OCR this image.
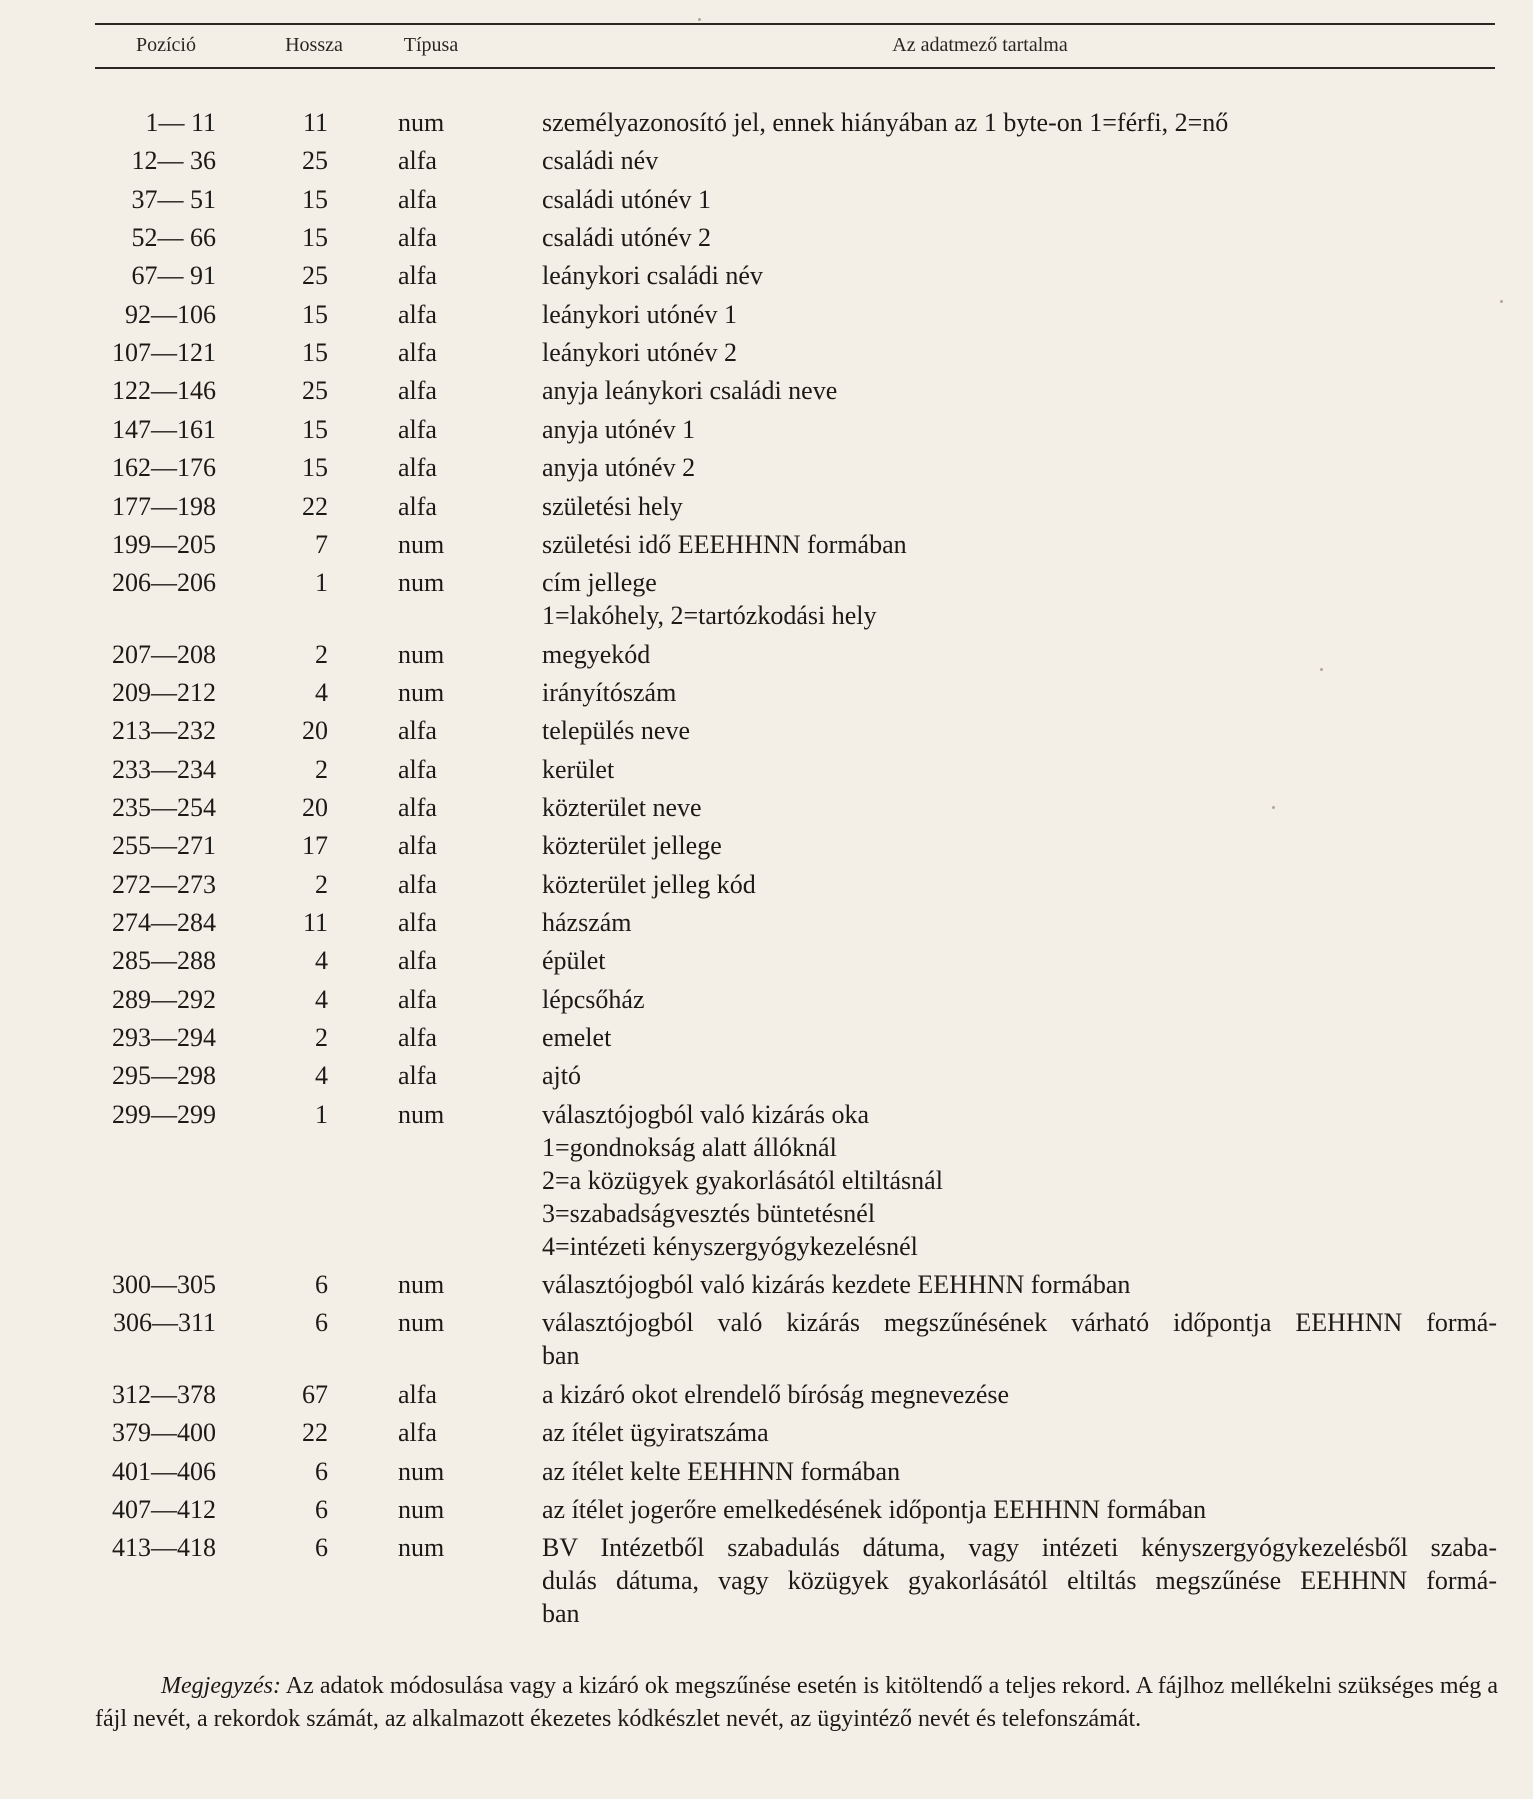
Pozíció	Hossza	Típusa	Az adatmező tartalma
1— 11	11	num	személyazonosító jel, ennek hiányában az 1 byte-on 1=férfi, 2=nő
12— 36	25	alfa	családi név
37— 51	15	alfa	családi utónév 1
52— 66	15	alfa	családi utónév 2
67— 91	25	alfa	leánykori családi név
92—106	15	alfa	leánykori utónév 1
107—121	15	alfa	leánykori utónév 2
122—146	25	alfa	anyja leánykori családi neve
147—161	15	alfa	anyja utónév 1
162—176	15	alfa	anyja utónév 2
177—198	22	alfa	születési hely
199—205	7	num	születési idő EEEHHNN formában
206—206	1	num	cím jellege
1=lakóhely, 2=tartózkodási hely
207—208	2	num	megyekód
209—212	4	num	irányítószám
213—232	20	alfa	település neve
233—234	2	alfa	kerület
235—254	20	alfa	közterület neve
255—271	17	alfa	közterület jellege
272—273	2	alfa	közterület jelleg kód
274—284	11	alfa	házszám
285—288	4	alfa	épület
289—292	4	alfa	lépcsőház
293—294	2	alfa	emelet
295—298	4	alfa	ajtó
299—299	1	num	választójogból való kizárás oka
1=gondnokság alatt állóknál
2=a közügyek gyakorlásától eltiltásnál
3=szabadságvesztés büntetésnél
4=intézeti kényszergyógykezelésnél
300—305	6	num	választójogból való kizárás kezdete EEHHNN formában
306—311	6	num	választójogból való kizárás megszűnésének várható időpontja EEHHNN formá-
ban
312—378	67	alfa	a kizáró okot elrendelő bíróság megnevezése
379—400	22	alfa	az ítélet ügyiratszáma
401—406	6	num	az ítélet kelte EEHHNN formában
407—412	6	num	az ítélet jogerőre emelkedésének időpontja EEHHNN formában
413—418	6	num	BV Intézetből szabadulás dátuma, vagy intézeti kényszergyógykezelésből szaba-
dulás dátuma, vagy közügyek gyakorlásától eltiltás megszűnése EEHHNN formá-
ban
Megjegyzés: Az adatok módosulása vagy a kizáró ok megszűnése esetén is kitöltendő a teljes rekord. A fájlhoz mellékelni szükséges még a fájl nevét, a rekordok számát, az alkalmazott ékezetes kódkészlet nevét, az ügyintéző nevét és telefonszámát.
